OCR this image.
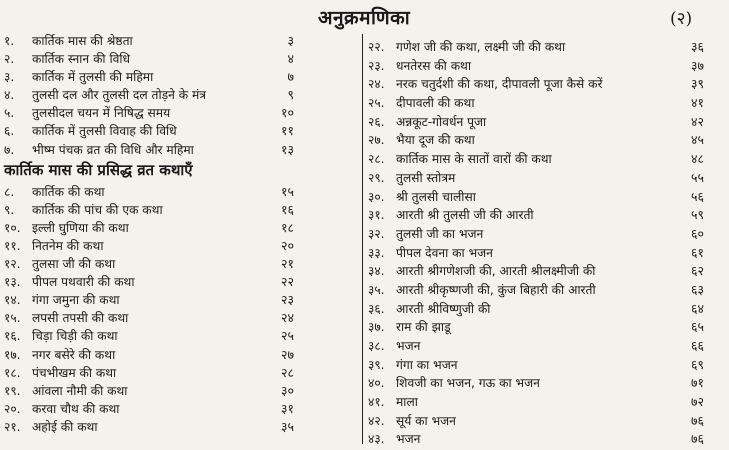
अनुक्रमणिका	(२)
१. कार्तिक मास की श्रेष्ठता	३
२. कार्तिक स्नान की विधि	४
३. कार्तिक में तुलसी की महिमा	७
४. तुलसी दल और तुलसी दल तोड़ने के मंत्र	९
५. तुलसीदल चयन में निषिद्ध समय	१०
६. कार्तिक में तुलसी विवाह की विधि	११
७. भीष्म पंचक व्रत की विधि और महिमा	१३
कार्तिक मास की प्रसिद्ध व्रत कथाएँ
८. कार्तिक की कथा	१५
९. कार्तिक की पांच की एक कथा	१६
१०. इल्ली घुणिया की कथा	१८
११. नितनेम की कथा	२०
१२. तुलसा जी की कथा	२१
१३. पीपल पथवारी की कथा	२२
१४. गंगा जमुना की कथा	२३
१५. लपसी तपसी की कथा	२४
१६. चिड़ा चिड़ी की कथा	२५
१७. नगर बसेरे की कथा	२७
१८. पंचभीखम की कथा	२८
१९. आंवला नौमी की कथा	३०
२०. करवा चौथ की कथा	३१
२१. अहोई की कथा	३५
२२. गणेश जी की कथा, लक्ष्मी जी की कथा	३६
२३. धनतेरस की कथा	३७
२४. नरक चतुर्दशी की कथा, दीपावली पूजा कैसे करें	३९
२५. दीपावली की कथा	४१
२६. अन्नकूट-गोवर्धन पूजा	४२
२७. भैया दूज की कथा	४५
२८. कार्तिक मास के सातों वारों की कथा	४८
२९. तुलसी स्तोत्रम	५५
३०. श्री तुलसी चालीसा	५६
३१. आरती श्री तुलसी जी की आरती	५९
३२. तुलसी जी का भजन	६०
३३. पीपल देवना का भजन	६१
३४. आरती श्रीगणेशजी की, आरती श्रीलक्ष्मीजी की	६२
३५. आरती श्रीकृष्णजी की, कुंज बिहारी की आरती	६३
३६. आरती श्रीविष्णुजी की	६४
३७. राम की झाडू	६५
३८. भजन	६६
३९. गंगा का भजन	६९
४०. शिवजी का भजन, गऊ का भजन	७१
४१. माला	७२
४२. सूर्य का भजन	७६
४३. भजन	७६
